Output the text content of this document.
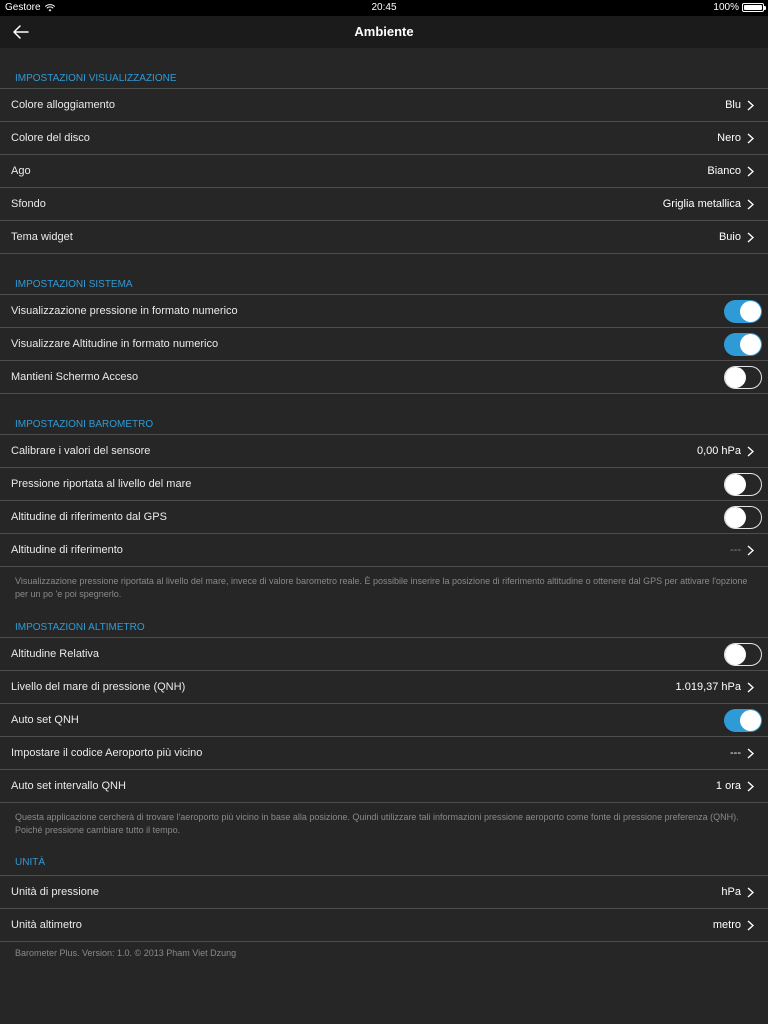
Gestore	20:45	100%
Ambiente
IMPOSTAZIONI VISUALIZZAZIONE
Colore alloggiamento	Blu
Colore del disco	Nero
Ago	Bianco
Sfondo	Griglia metallica
Tema widget	Buio
IMPOSTAZIONI SISTEMA
Visualizzazione pressione in formato numerico
Visualizzare Altitudine in formato numerico
Mantieni Schermo Acceso
IMPOSTAZIONI BAROMETRO
Calibrare i valori del sensore	0,00 hPa
Pressione riportata al livello del mare
Altitudine di riferimento dal GPS
Altitudine di riferimento	---
Visualizzazione pressione riportata al livello del mare, invece di valore barometro reale. È possibile inserire la posizione di riferimento altitudine o ottenere dal GPS per attivare l'opzione per un po 'e poi spegnerlo.
IMPOSTAZIONI ALTIMETRO
Altitudine Relativa
Livello del mare di pressione (QNH)	1.019,37 hPa
Auto set QNH
Impostare il codice Aeroporto più vicino	---
Auto set intervallo QNH	1 ora
Questa applicazione cercherà di trovare l'aeroporto più vicino in base alla posizione. Quindi utilizzare tali informazioni pressione aeroporto come fonte di pressione preferenza (QNH). Poiché pressione cambiare tutto il tempo.
UNITÀ
Unità di pressione	hPa
Unità altimetro	metro
Barometer Plus. Version: 1.0. © 2013 Pham Viet Dzung
